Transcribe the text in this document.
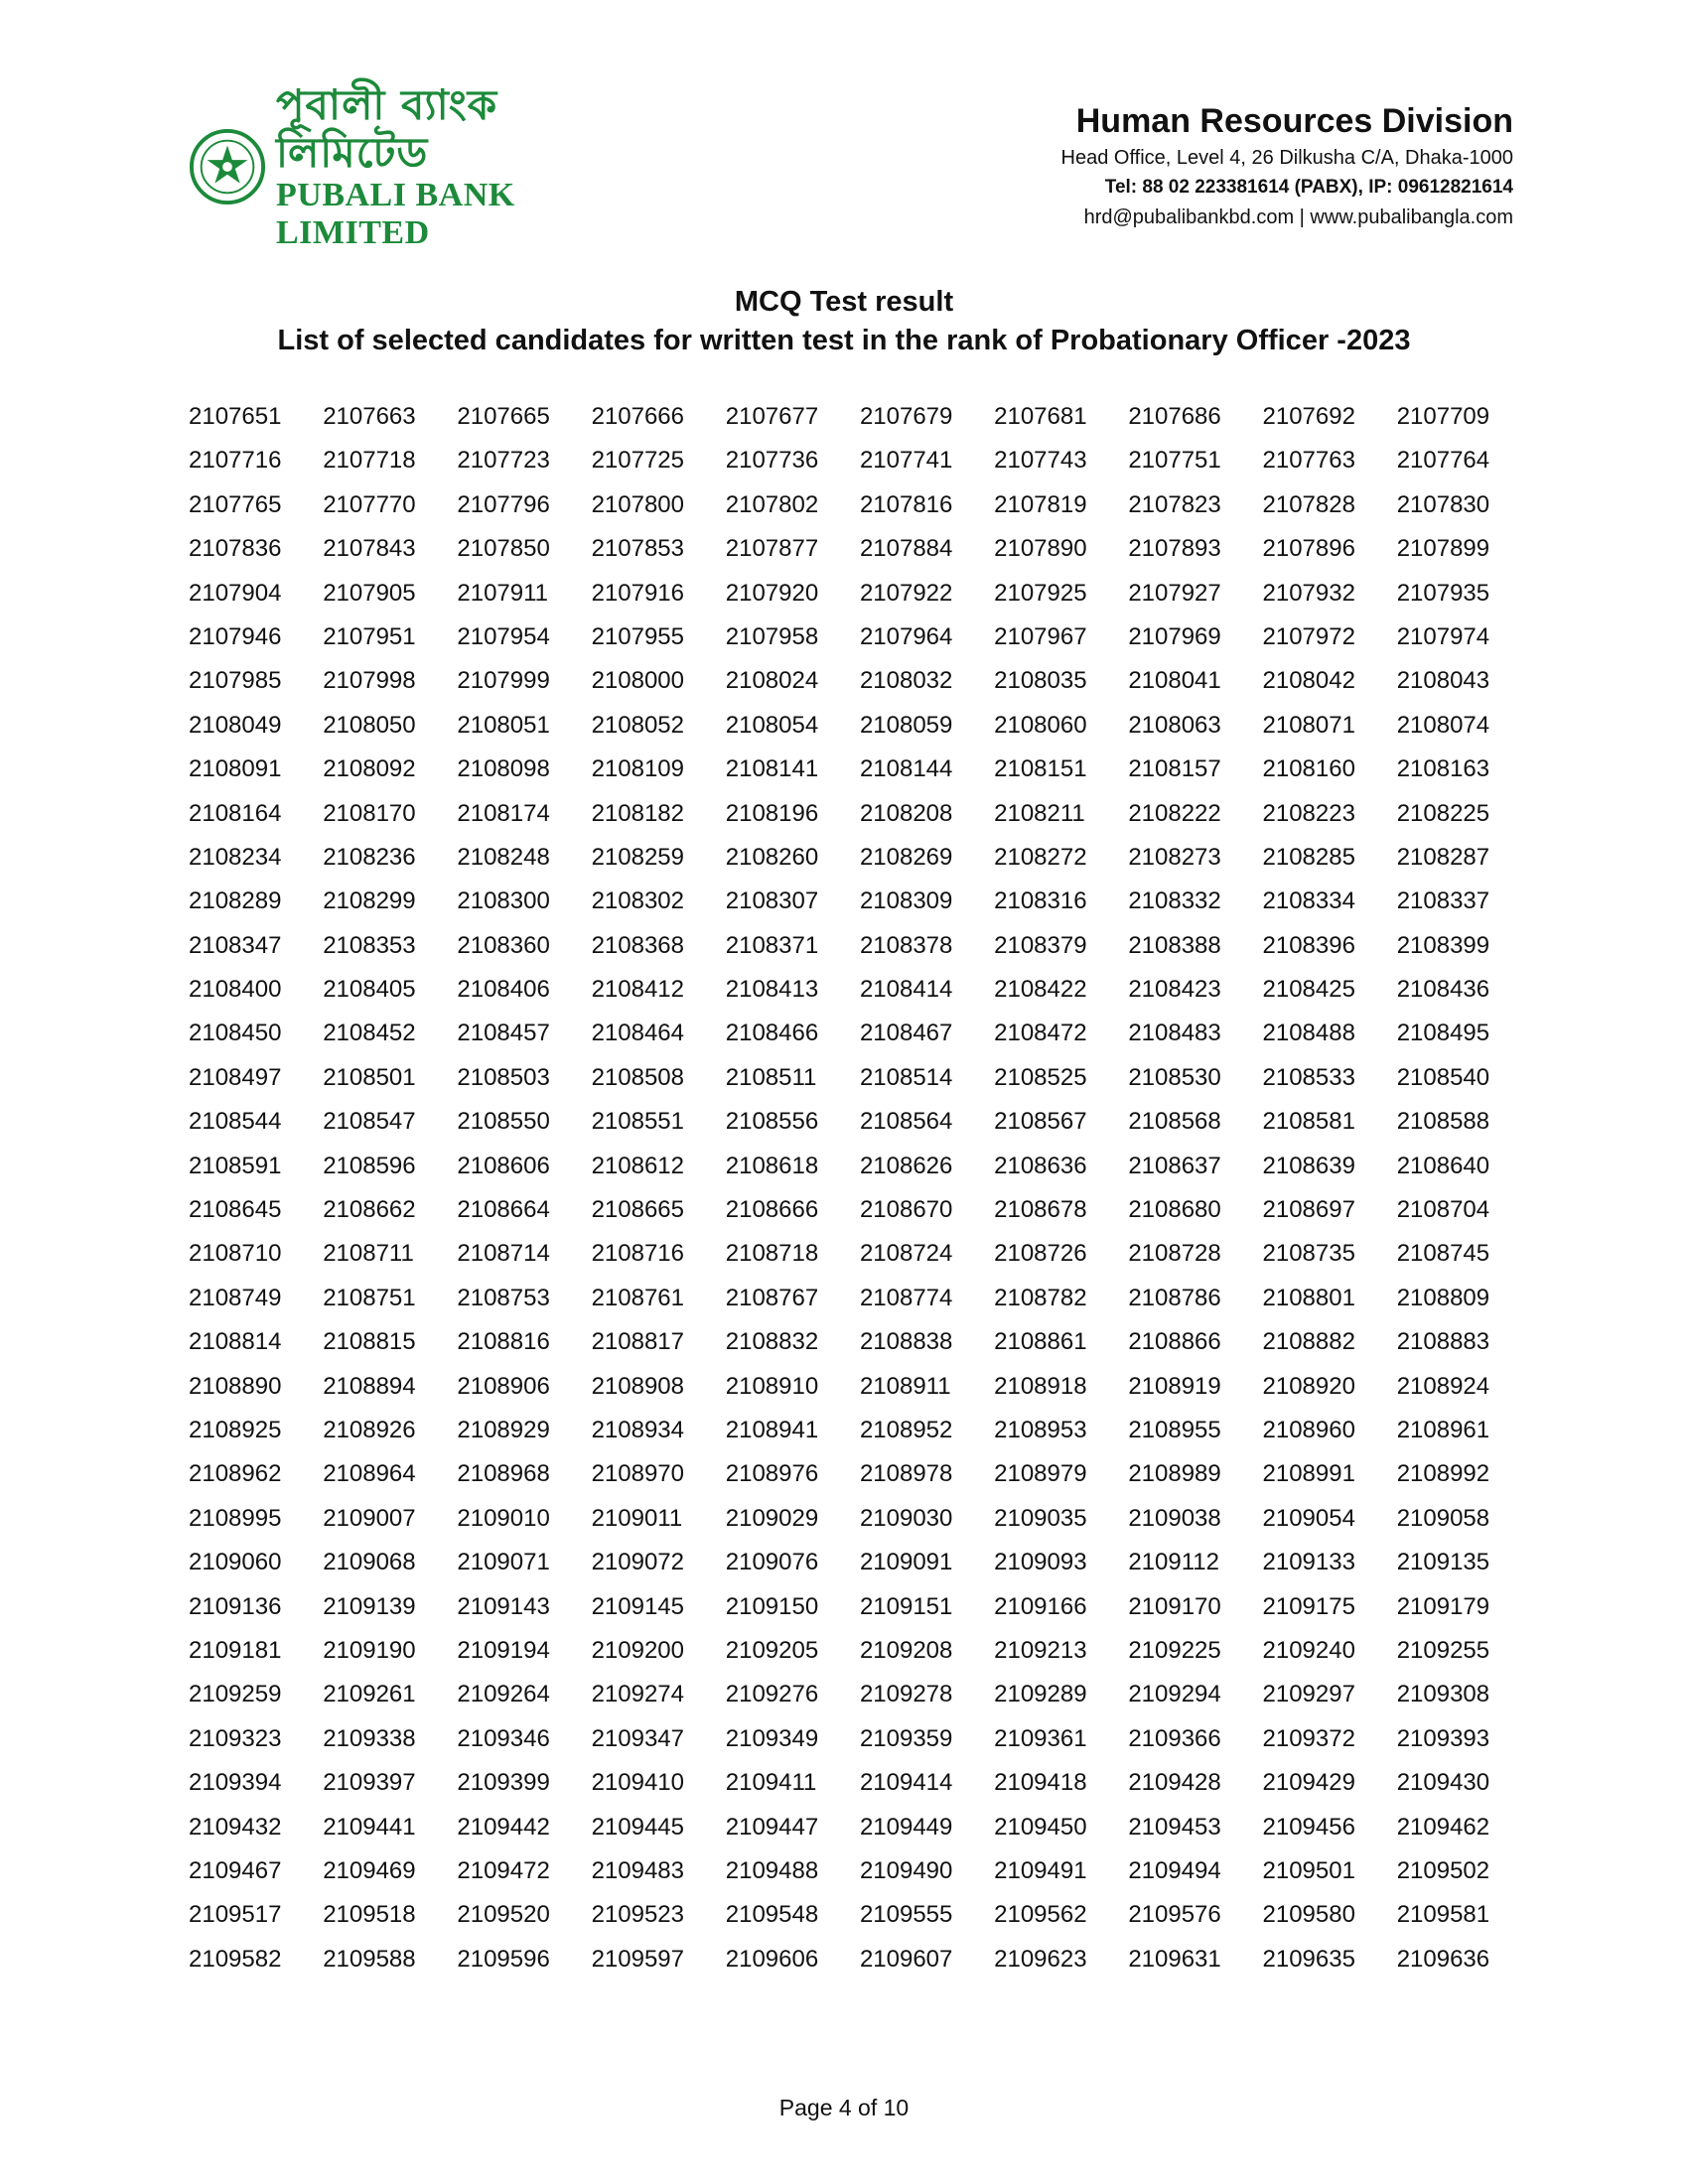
পূবালী ব্যাংক লিমিটেড
PUBALI BANK LIMITED
Human Resources Division
Head Office, Level 4, 26 Dilkusha C/A, Dhaka-1000
Tel: 88 02 223381614 (PABX), IP: 09612821614
hrd@pubalibankbd.com | www.pubalibangla.com
MCQ Test result
List of selected candidates for written test in the rank of Probationary Officer -2023
2107651	2107663	2107665	2107666	2107677	2107679	2107681	2107686	2107692	2107709
2107716	2107718	2107723	2107725	2107736	2107741	2107743	2107751	2107763	2107764
2107765	2107770	2107796	2107800	2107802	2107816	2107819	2107823	2107828	2107830
2107836	2107843	2107850	2107853	2107877	2107884	2107890	2107893	2107896	2107899
2107904	2107905	2107911	2107916	2107920	2107922	2107925	2107927	2107932	2107935
2107946	2107951	2107954	2107955	2107958	2107964	2107967	2107969	2107972	2107974
2107985	2107998	2107999	2108000	2108024	2108032	2108035	2108041	2108042	2108043
2108049	2108050	2108051	2108052	2108054	2108059	2108060	2108063	2108071	2108074
2108091	2108092	2108098	2108109	2108141	2108144	2108151	2108157	2108160	2108163
2108164	2108170	2108174	2108182	2108196	2108208	2108211	2108222	2108223	2108225
2108234	2108236	2108248	2108259	2108260	2108269	2108272	2108273	2108285	2108287
2108289	2108299	2108300	2108302	2108307	2108309	2108316	2108332	2108334	2108337
2108347	2108353	2108360	2108368	2108371	2108378	2108379	2108388	2108396	2108399
2108400	2108405	2108406	2108412	2108413	2108414	2108422	2108423	2108425	2108436
2108450	2108452	2108457	2108464	2108466	2108467	2108472	2108483	2108488	2108495
2108497	2108501	2108503	2108508	2108511	2108514	2108525	2108530	2108533	2108540
2108544	2108547	2108550	2108551	2108556	2108564	2108567	2108568	2108581	2108588
2108591	2108596	2108606	2108612	2108618	2108626	2108636	2108637	2108639	2108640
2108645	2108662	2108664	2108665	2108666	2108670	2108678	2108680	2108697	2108704
2108710	2108711	2108714	2108716	2108718	2108724	2108726	2108728	2108735	2108745
2108749	2108751	2108753	2108761	2108767	2108774	2108782	2108786	2108801	2108809
2108814	2108815	2108816	2108817	2108832	2108838	2108861	2108866	2108882	2108883
2108890	2108894	2108906	2108908	2108910	2108911	2108918	2108919	2108920	2108924
2108925	2108926	2108929	2108934	2108941	2108952	2108953	2108955	2108960	2108961
2108962	2108964	2108968	2108970	2108976	2108978	2108979	2108989	2108991	2108992
2108995	2109007	2109010	2109011	2109029	2109030	2109035	2109038	2109054	2109058
2109060	2109068	2109071	2109072	2109076	2109091	2109093	2109112	2109133	2109135
2109136	2109139	2109143	2109145	2109150	2109151	2109166	2109170	2109175	2109179
2109181	2109190	2109194	2109200	2109205	2109208	2109213	2109225	2109240	2109255
2109259	2109261	2109264	2109274	2109276	2109278	2109289	2109294	2109297	2109308
2109323	2109338	2109346	2109347	2109349	2109359	2109361	2109366	2109372	2109393
2109394	2109397	2109399	2109410	2109411	2109414	2109418	2109428	2109429	2109430
2109432	2109441	2109442	2109445	2109447	2109449	2109450	2109453	2109456	2109462
2109467	2109469	2109472	2109483	2109488	2109490	2109491	2109494	2109501	2109502
2109517	2109518	2109520	2109523	2109548	2109555	2109562	2109576	2109580	2109581
2109582	2109588	2109596	2109597	2109606	2109607	2109623	2109631	2109635	2109636
Page 4 of 10
